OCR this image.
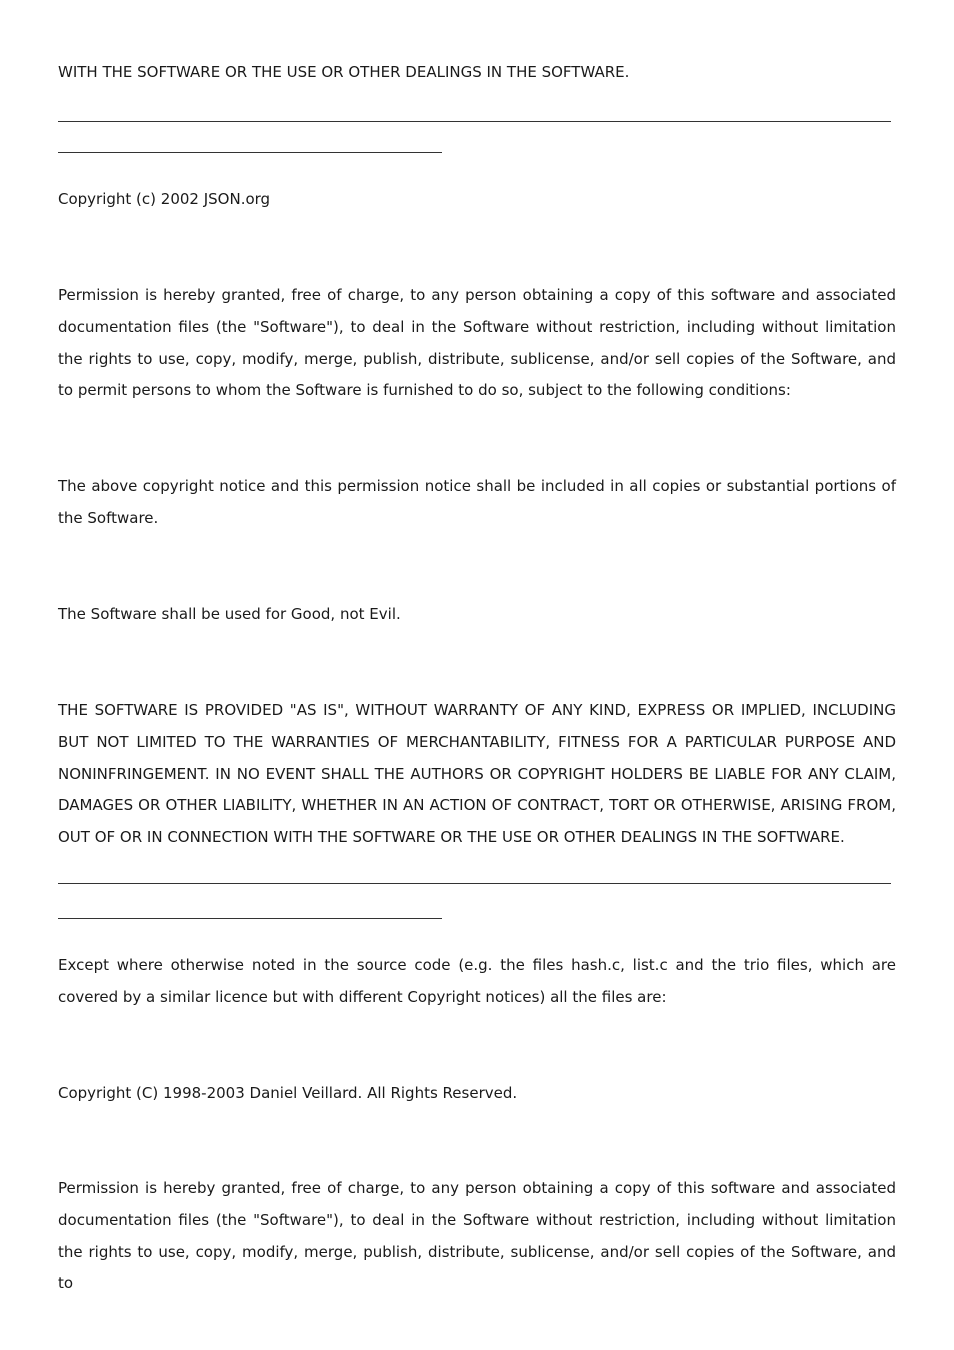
WITH THE SOFTWARE OR THE USE OR OTHER DEALINGS IN THE SOFTWARE.
Copyright (c) 2002 JSON.org

Permission is hereby granted, free of charge, to any person obtaining a copy of this software and associated documentation files (the "Software"), to deal in the Software without restriction, including without limitation the rights to use, copy, modify, merge, publish, distribute, sublicense, and/or sell copies of the Software, and to permit persons to whom the Software is furnished to do so, subject to the following conditions:

The above copyright notice and this permission notice shall be included in all copies or substantial portions of the Software.

The Software shall be used for Good, not Evil.

THE SOFTWARE IS PROVIDED "AS IS", WITHOUT WARRANTY OF ANY KIND, EXPRESS OR IMPLIED, INCLUDING BUT NOT LIMITED TO THE WARRANTIES OF MERCHANTABILITY, FITNESS FOR A PARTICULAR PURPOSE AND NONINFRINGEMENT. IN NO EVENT SHALL THE AUTHORS OR COPYRIGHT HOLDERS BE LIABLE FOR ANY CLAIM, DAMAGES OR OTHER LIABILITY, WHETHER IN AN ACTION OF CONTRACT, TORT OR OTHERWISE, ARISING FROM, OUT OF OR IN CONNECTION WITH THE SOFTWARE OR THE USE OR OTHER DEALINGS IN THE SOFTWARE.

Except where otherwise noted in the source code (e.g. the files hash.c, list.c and the trio files, which are covered by a similar licence but with different Copyright notices) all the files are:

Copyright (C) 1998-2003 Daniel Veillard. All Rights Reserved.

Permission is hereby granted, free of charge, to any person obtaining a copy of this software and associated documentation files (the "Software"), to deal in the Software without restriction, including without limitation the rights to use, copy, modify, merge, publish, distribute, sublicense, and/or sell copies of the Software, and to
